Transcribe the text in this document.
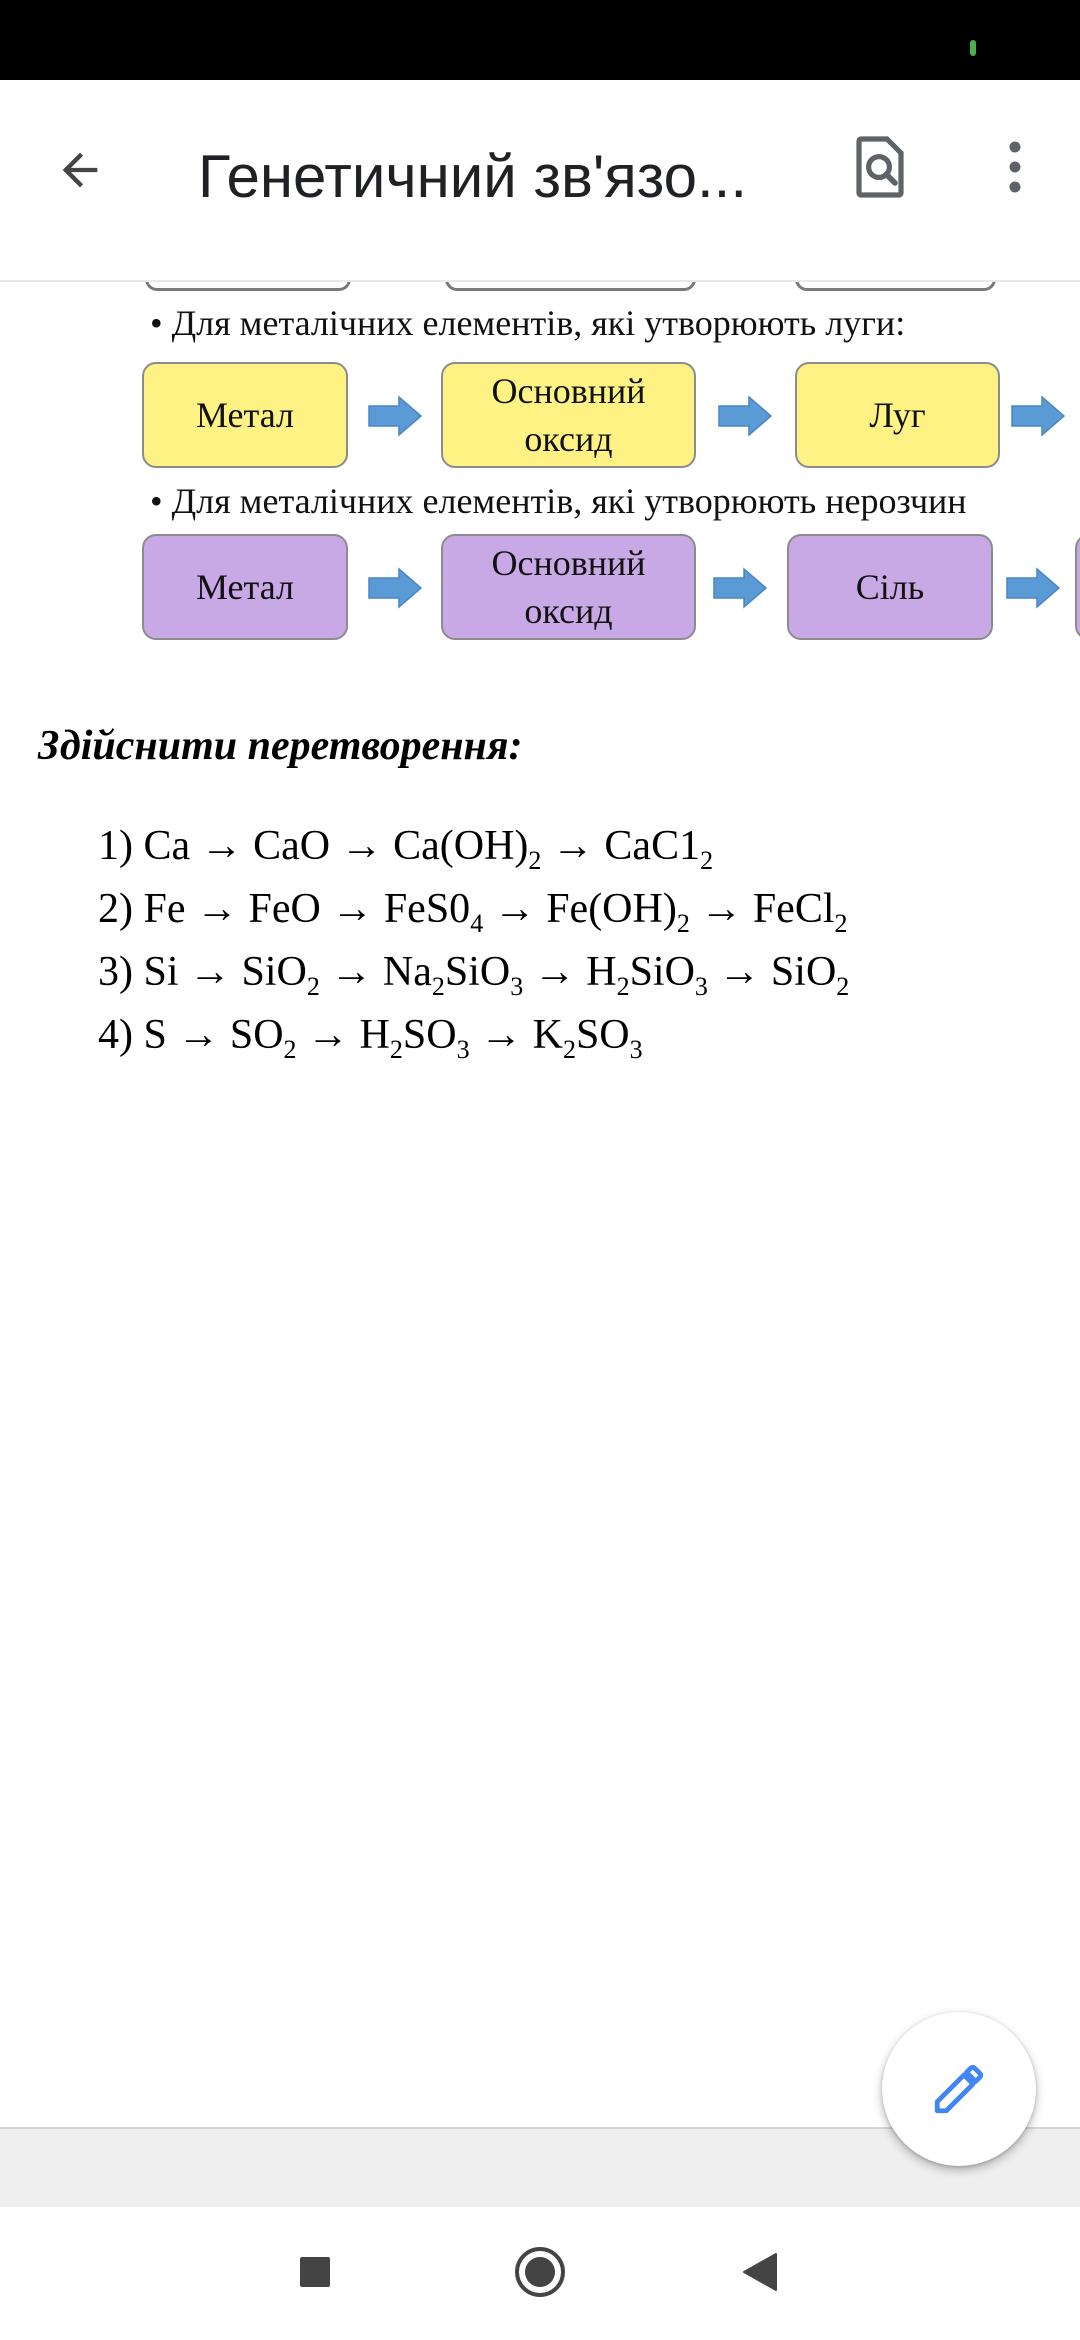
Генетичний зв'язо...
• Для металічних елементів, які утворюють луги:
Метал
Основний оксид
Луг
• Для металічних елементів, які утворюють нерозчин
Метал
Основний оксид
Сіль
Здійснити перетворення:
1) Ca → CaO → $Ca(OH)_2 \to CaC1_2$
2) Fe → FeO → $FeS0_4 \to Fe(OH)_2$ → FeCl$_2$
3) $Si \to SiO_2 \to Na_2SiO_3 \to H_2SiO_3 \to SiO_2$
4) $S \to SO_2 \to H_2SO_3 \to K_2SO_3$
